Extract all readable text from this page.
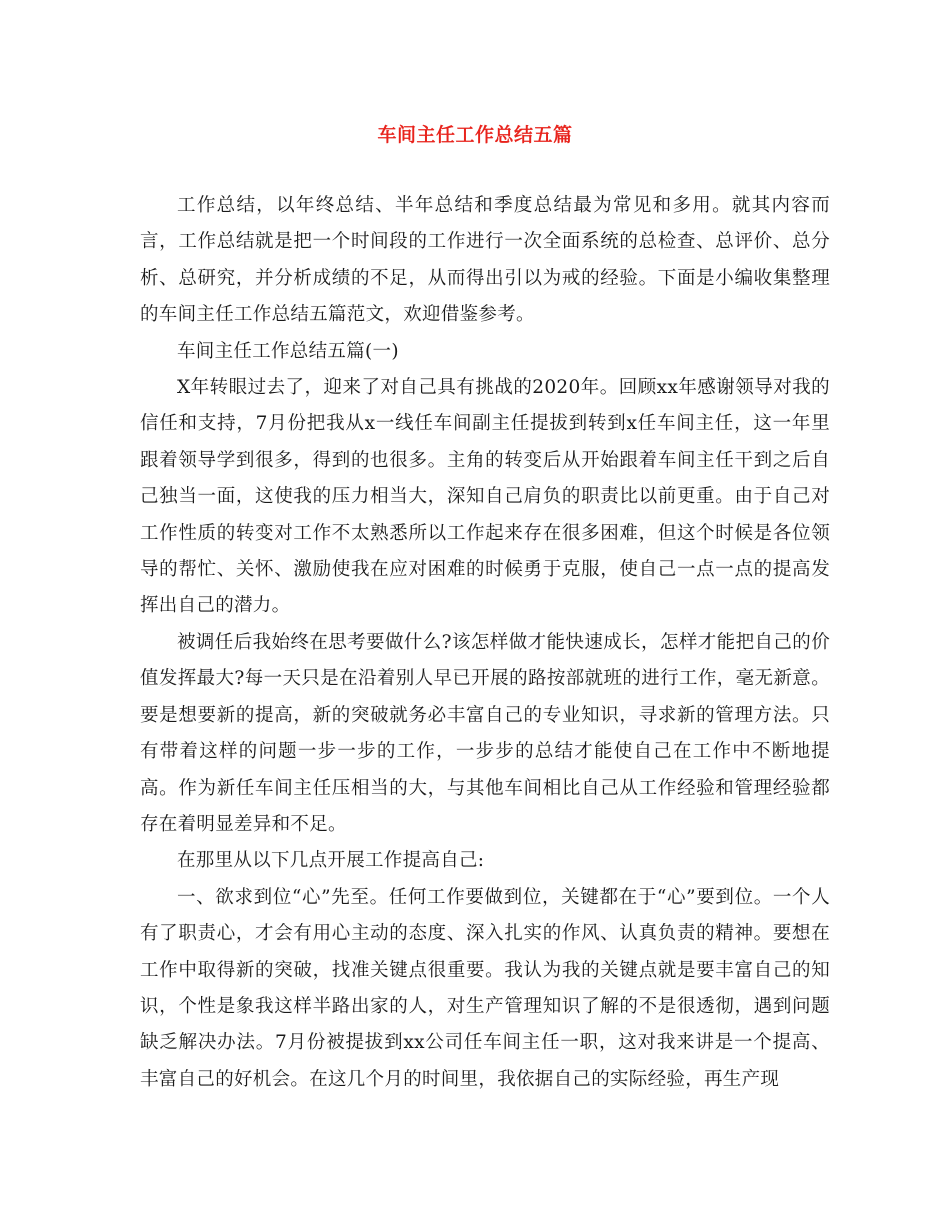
车间主任工作总结五篇

工作总结，以年终总结、半年总结和季度总结最为常见和多用。就其内容而言，工作总结就是把一个时间段的工作进行一次全面系统的总检查、总评价、总分析、总研究，并分析成绩的不足，从而得出引以为戒的经验。下面是小编收集整理的车间主任工作总结五篇范文，欢迎借鉴参考。

车间主任工作总结五篇(一)

X年转眼过去了，迎来了对自己具有挑战的2020年。回顾xx年感谢领导对我的信任和支持，7月份把我从x一线任车间副主任提拔到转到x任车间主任，这一年里跟着领导学到很多，得到的也很多。主角的转变后从开始跟着车间主任干到之后自己独当一面，这使我的压力相当大，深知自己肩负的职责比以前更重。由于自己对工作性质的转变对工作不太熟悉所以工作起来存在很多困难，但这个时候是各位领导的帮忙、关怀、激励使我在应对困难的时候勇于克服，使自己一点一点的提高发挥出自己的潜力。

被调任后我始终在思考要做什么?该怎样做才能快速成长，怎样才能把自己的价值发挥最大?每一天只是在沿着别人早已开展的路按部就班的进行工作，毫无新意。要是想要新的提高，新的突破就务必丰富自己的专业知识，寻求新的管理方法。只有带着这样的问题一步一步的工作，一步步的总结才能使自己在工作中不断地提高。作为新任车间主任压相当的大，与其他车间相比自己从工作经验和管理经验都存在着明显差异和不足。

在那里从以下几点开展工作提高自己:

一、欲求到位“心”先至。任何工作要做到位，关键都在于“心”要到位。一个人有了职责心，才会有用心主动的态度、深入扎实的作风、认真负责的精神。要想在工作中取得新的突破，找准关键点很重要。我认为我的关键点就是要丰富自己的知识，个性是象我这样半路出家的人，对生产管理知识了解的不是很透彻，遇到问题缺乏解决办法。7月份被提拔到xx公司任车间主任一职，这对我来讲是一个提高、丰富自己的好机会。在这几个月的时间里，我依据自己的实际经验，再生产现
